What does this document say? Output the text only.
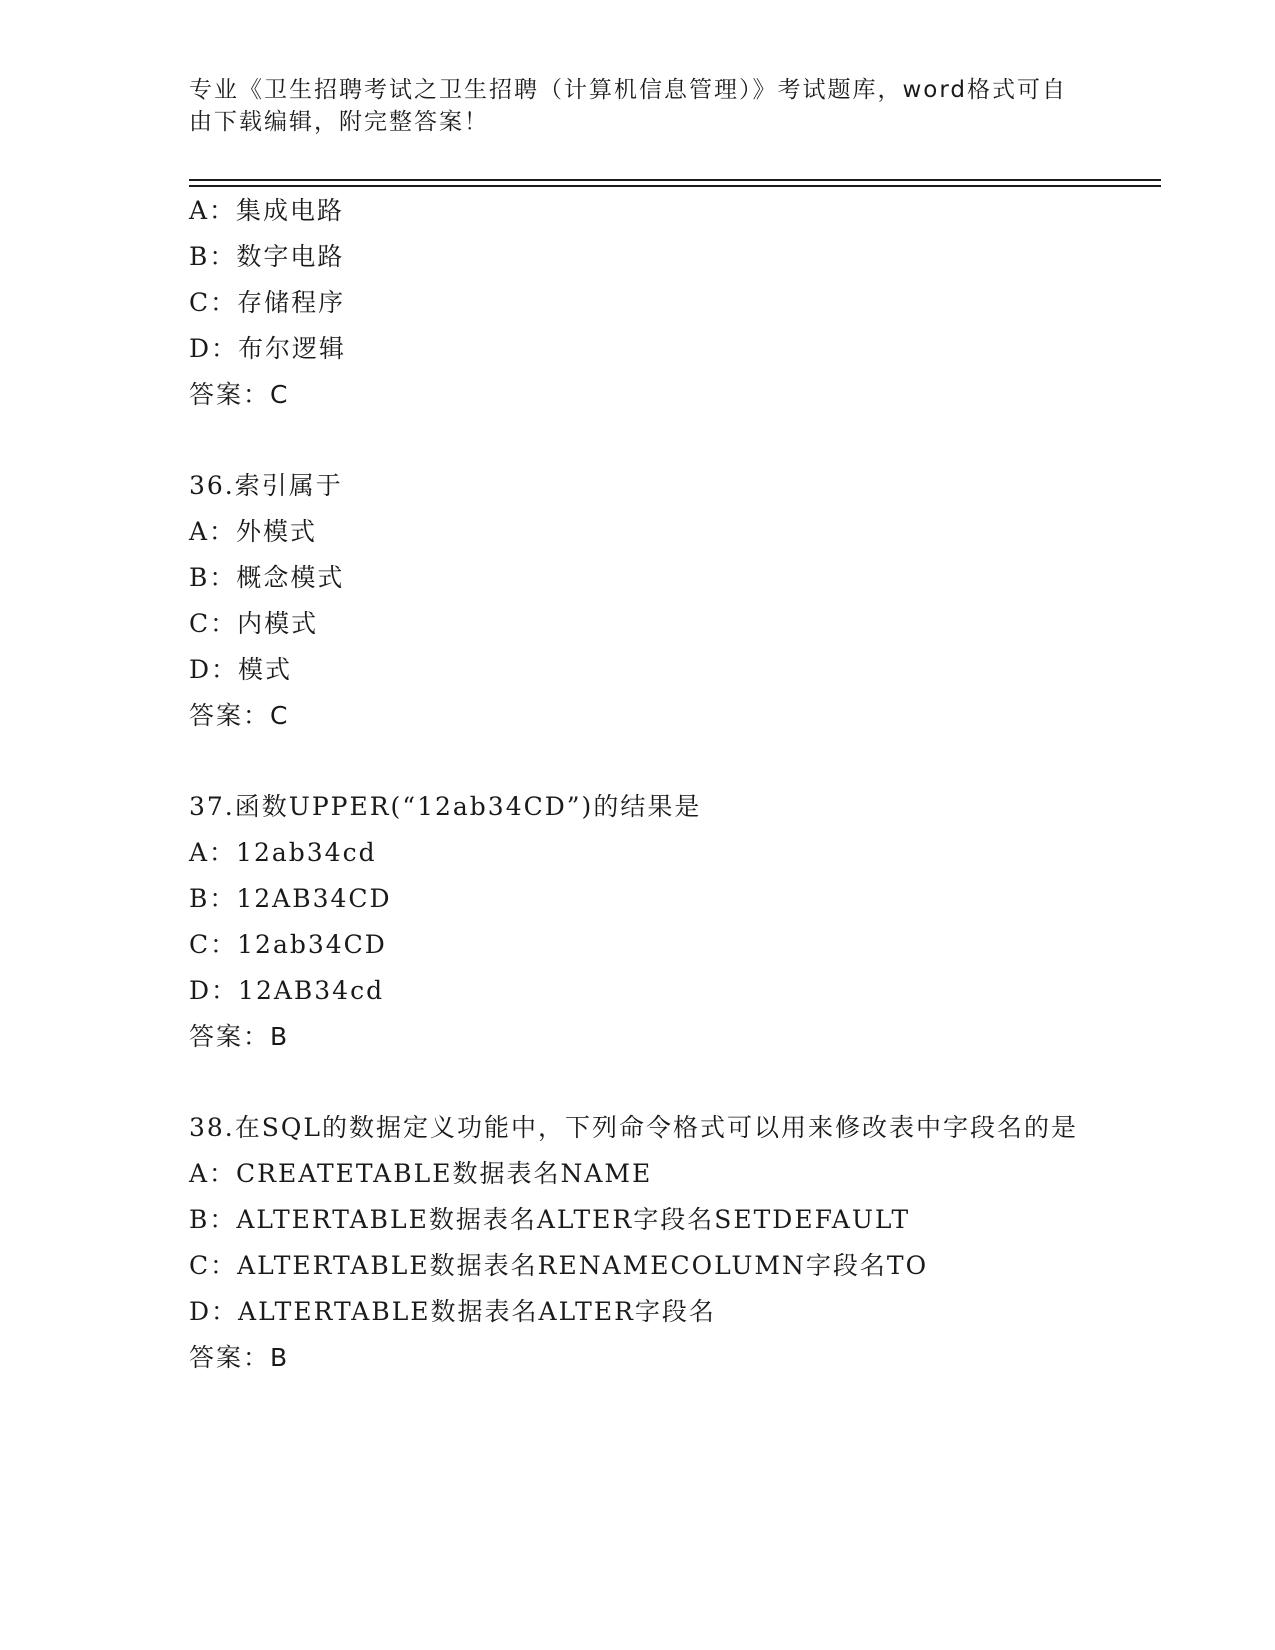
专业《卫生招聘考试之卫生招聘（计算机信息管理）》考试题库，word格式可自由下载编辑，附完整答案！
A：集成电路
B：数字电路
C：存储程序
D：布尔逻辑
答案：C
36.索引属于
A：外模式
B：概念模式
C：内模式
D：模式
答案：C
37.函数UPPER(“12ab34CD”)的结果是
A：12ab34cd
B：12AB34CD
C：12ab34CD
D：12AB34cd
答案：B
38.在SQL的数据定义功能中，下列命令格式可以用来修改表中字段名的是
A：CREATETABLE数据表名NAME
B：ALTERTABLE数据表名ALTER字段名SETDEFAULT
C：ALTERTABLE数据表名RENAMECOLUMN字段名TO
D：ALTERTABLE数据表名ALTER字段名
答案：B
